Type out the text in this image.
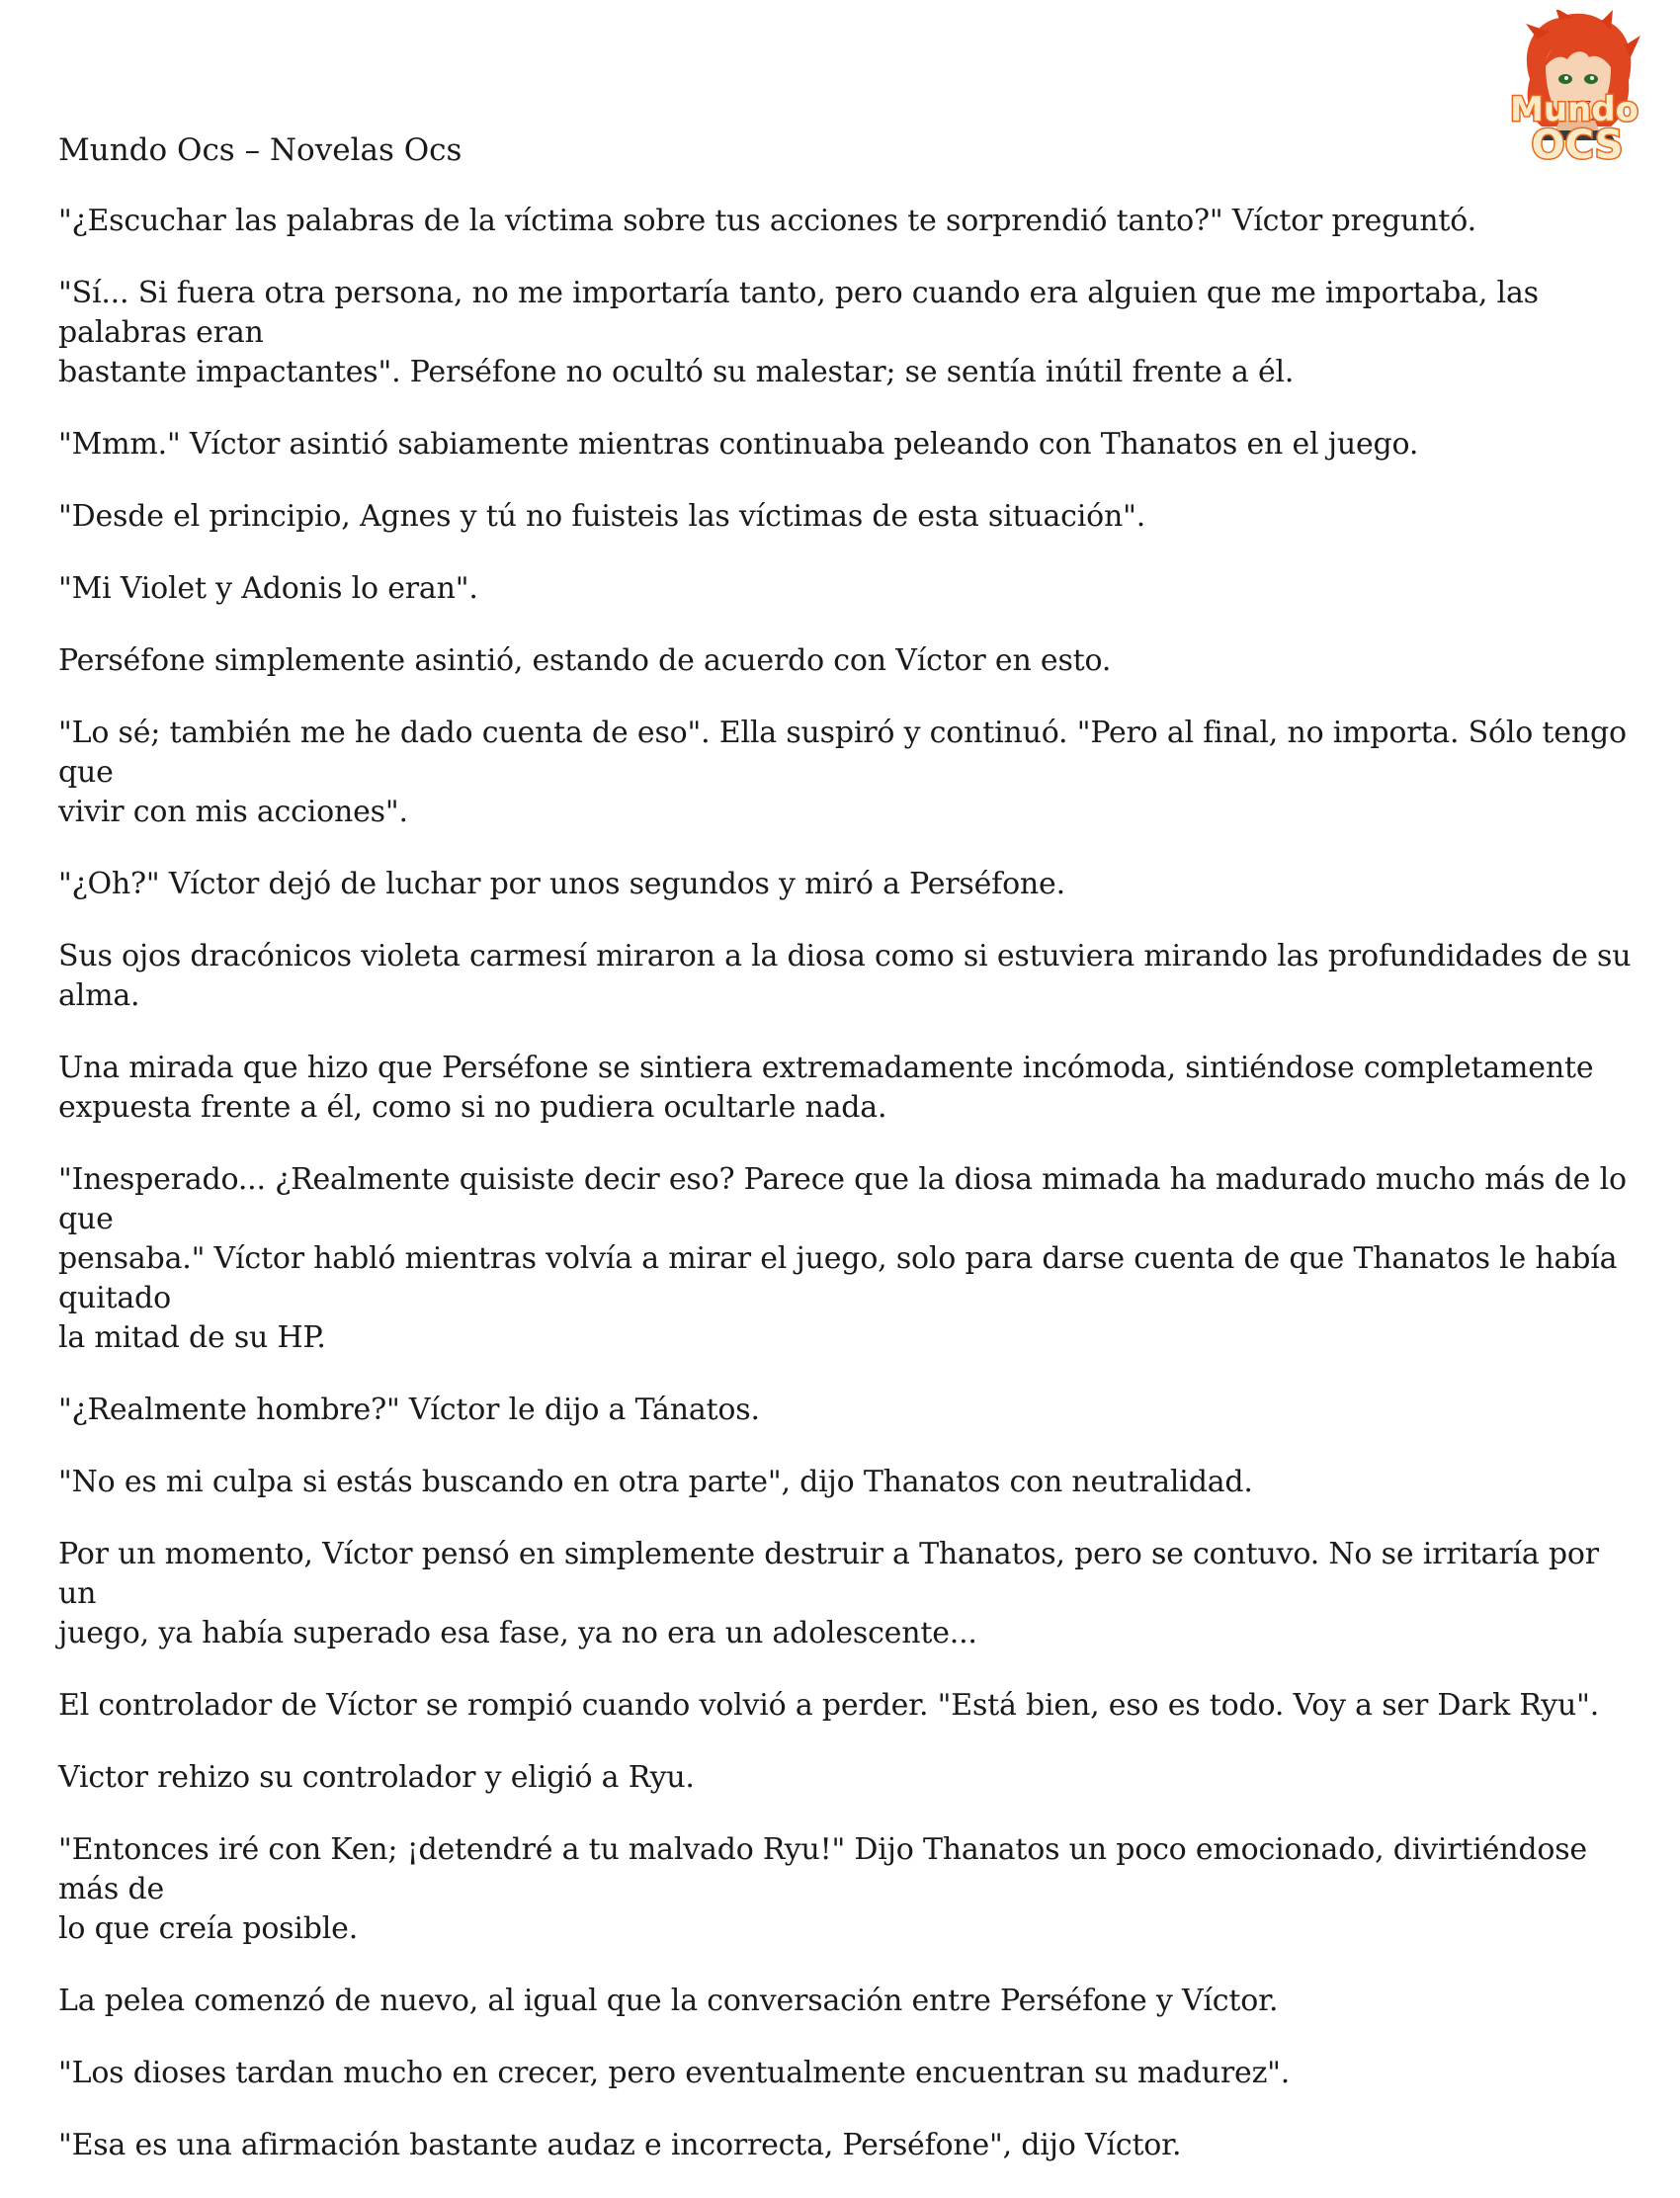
Mundo Ocs – Novelas Ocs
Mundo
OCS

"¿Escuchar las palabras de la víctima sobre tus acciones te sorprendió tanto?" Víctor preguntó.

"Sí... Si fuera otra persona, no me importaría tanto, pero cuando era alguien que me importaba, las palabras eran
bastante impactantes". Perséfone no ocultó su malestar; se sentía inútil frente a él.

"Mmm." Víctor asintió sabiamente mientras continuaba peleando con Thanatos en el juego.

"Desde el principio, Agnes y tú no fuisteis las víctimas de esta situación".

"Mi Violet y Adonis lo eran".

Perséfone simplemente asintió, estando de acuerdo con Víctor en esto.

"Lo sé; también me he dado cuenta de eso". Ella suspiró y continuó. "Pero al final, no importa. Sólo tengo que
vivir con mis acciones".

"¿Oh?" Víctor dejó de luchar por unos segundos y miró a Perséfone.

Sus ojos dracónicos violeta carmesí miraron a la diosa como si estuviera mirando las profundidades de su alma.

Una mirada que hizo que Perséfone se sintiera extremadamente incómoda, sintiéndose completamente
expuesta frente a él, como si no pudiera ocultarle nada.

"Inesperado... ¿Realmente quisiste decir eso? Parece que la diosa mimada ha madurado mucho más de lo que
pensaba." Víctor habló mientras volvía a mirar el juego, solo para darse cuenta de que Thanatos le había quitado
la mitad de su HP.

"¿Realmente hombre?" Víctor le dijo a Tánatos.

"No es mi culpa si estás buscando en otra parte", dijo Thanatos con neutralidad.

Por un momento, Víctor pensó en simplemente destruir a Thanatos, pero se contuvo. No se irritaría por un
juego, ya había superado esa fase, ya no era un adolescente...

El controlador de Víctor se rompió cuando volvió a perder. "Está bien, eso es todo. Voy a ser Dark Ryu".

Victor rehizo su controlador y eligió a Ryu.

"Entonces iré con Ken; ¡detendré a tu malvado Ryu!" Dijo Thanatos un poco emocionado, divirtiéndose más de
lo que creía posible.

La pelea comenzó de nuevo, al igual que la conversación entre Perséfone y Víctor.

"Los dioses tardan mucho en crecer, pero eventualmente encuentran su madurez".

"Esa es una afirmación bastante audaz e incorrecta, Perséfone", dijo Víctor.
